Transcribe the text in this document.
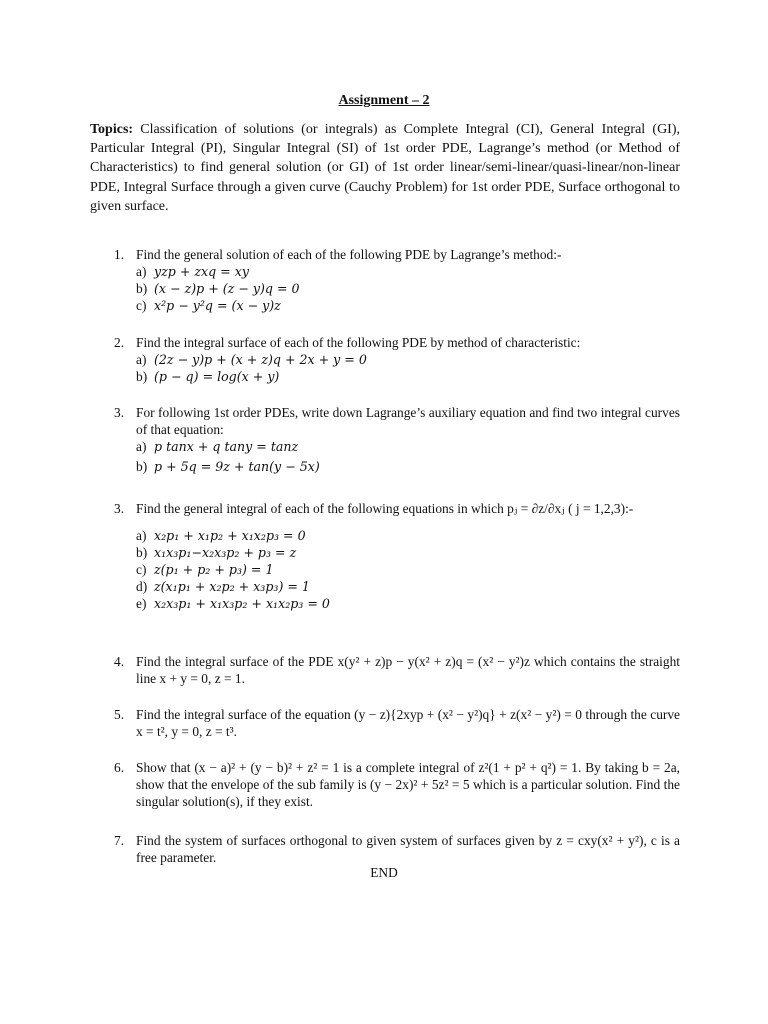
Assignment – 2
Topics: Classification of solutions (or integrals) as Complete Integral (CI), General Integral (GI), Particular Integral (PI), Singular Integral (SI) of 1st order PDE, Lagrange’s method (or Method of Characteristics) to find general solution (or GI) of 1st order linear/semi-linear/quasi-linear/non-linear PDE, Integral Surface through a given curve (Cauchy Problem) for 1st order PDE, Surface orthogonal to given surface.
1. Find the general solution of each of the following PDE by Lagrange’s method:-
a) yzp + zxq = xy
b) (x − z)p + (z − y)q = 0
c) x²p − y²q = (x − y)z
2. Find the integral surface of each of the following PDE by method of characteristic:
a) (2z − y)p + (x + z)q + 2x + y = 0
b) (p − q) = log(x + y)
3. For following 1st order PDEs, write down Lagrange’s auxiliary equation and find two integral curves of that equation:
a) p tanx + q tany = tanz
b) p + 5q = 9z + tan(y − 5x)
3. Find the general integral of each of the following equations in which pⱼ = ∂z/∂xⱼ ( j = 1,2,3):-
a) x₂p₁ + x₁p₂ + x₁x₂p₃ = 0
b) x₁x₃p₁−x₂x₃p₂ + p₃ = z
c) z(p₁ + p₂ + p₃) = 1
d) z(x₁p₁ + x₂p₂ + x₃p₃) = 1
e) x₂x₃p₁ + x₁x₃p₂ + x₁x₂p₃ = 0
4. Find the integral surface of the PDE x(y² + z)p − y(x² + z)q = (x² − y²)z which contains the straight line x + y = 0, z = 1.
5. Find the integral surface of the equation (y − z){2xyp + (x² − y²)q} + z(x² − y²) = 0 through the curve x = t², y = 0, z = t³.
6. Show that (x − a)² + (y − b)² + z² = 1 is a complete integral of z²(1 + p² + q²) = 1. By taking b = 2a, show that the envelope of the sub family is (y − 2x)² + 5z² = 5 which is a particular solution. Find the singular solution(s), if they exist.
7. Find the system of surfaces orthogonal to given system of surfaces given by z = cxy(x² + y²), c is a free parameter.
END
